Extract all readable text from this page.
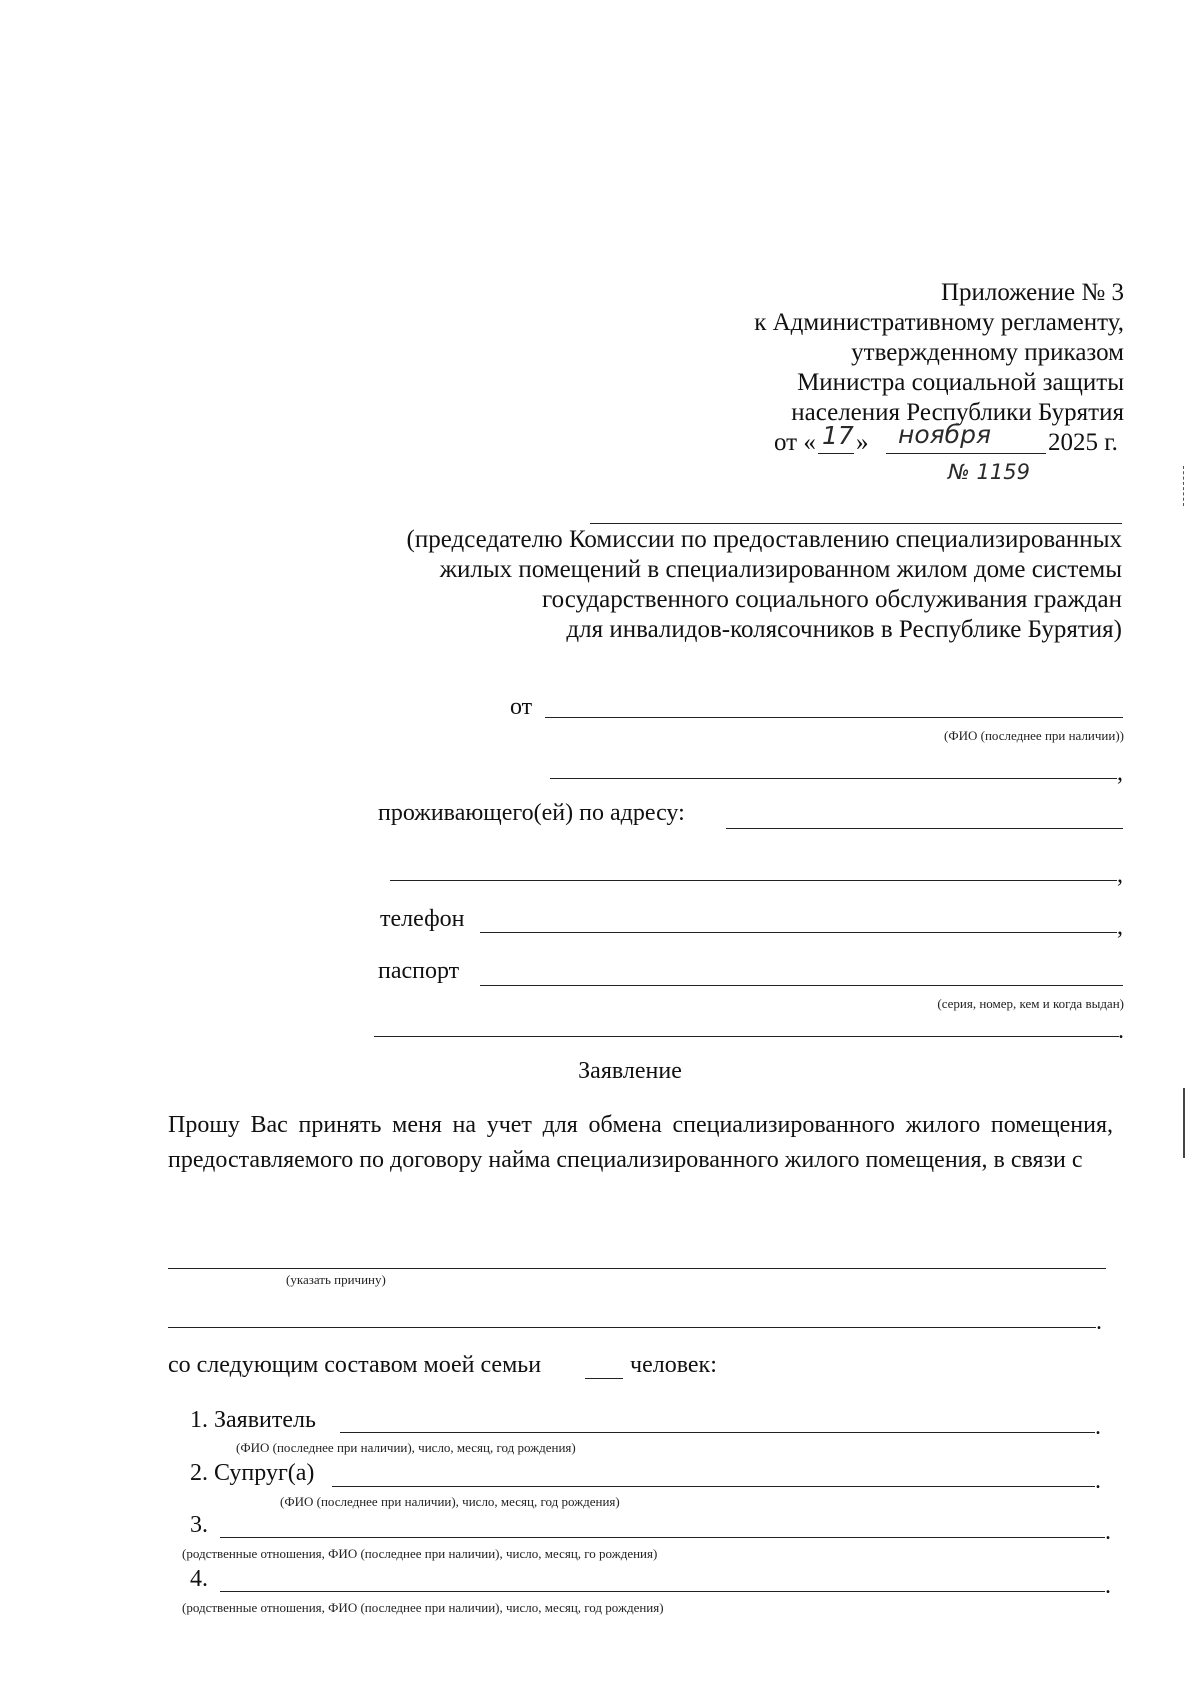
Приложение № 3
к Административному регламенту,
утвержденному приказом
Министра социальной защиты
населения Республики Бурятия
от « 17 » ноября 2025 г.
№ 1159
(председателю Комиссии по предоставлению специализированных
жилых помещений в специализированном жилом доме системы
государственного социального обслуживания граждан
для инвалидов-колясочников в Республике Бурятия)
от
(ФИО (последнее при наличии))
,
проживающего(ей) по адресу:
,
телефон	,
паспорт
(серия, номер, кем и когда выдан)
.
Заявление
Прошу Вас принять меня на учет для обмена специализированного жилого помещения, предоставляемого по договору найма специализированного жилого помещения, в связи с
(указать причину)
.
со следующим составом моей семьи	человек:
1. Заявитель	.
(ФИО (последнее при наличии), число, месяц, год рождения)
2. Супруг(а)	.
(ФИО (последнее при наличии), число, месяц, год рождения)
3.	.
(родственные отношения, ФИО (последнее при наличии), число, месяц, го рождения)
4.	.
(родственные отношения, ФИО (последнее при наличии), число, месяц, год рождения)
